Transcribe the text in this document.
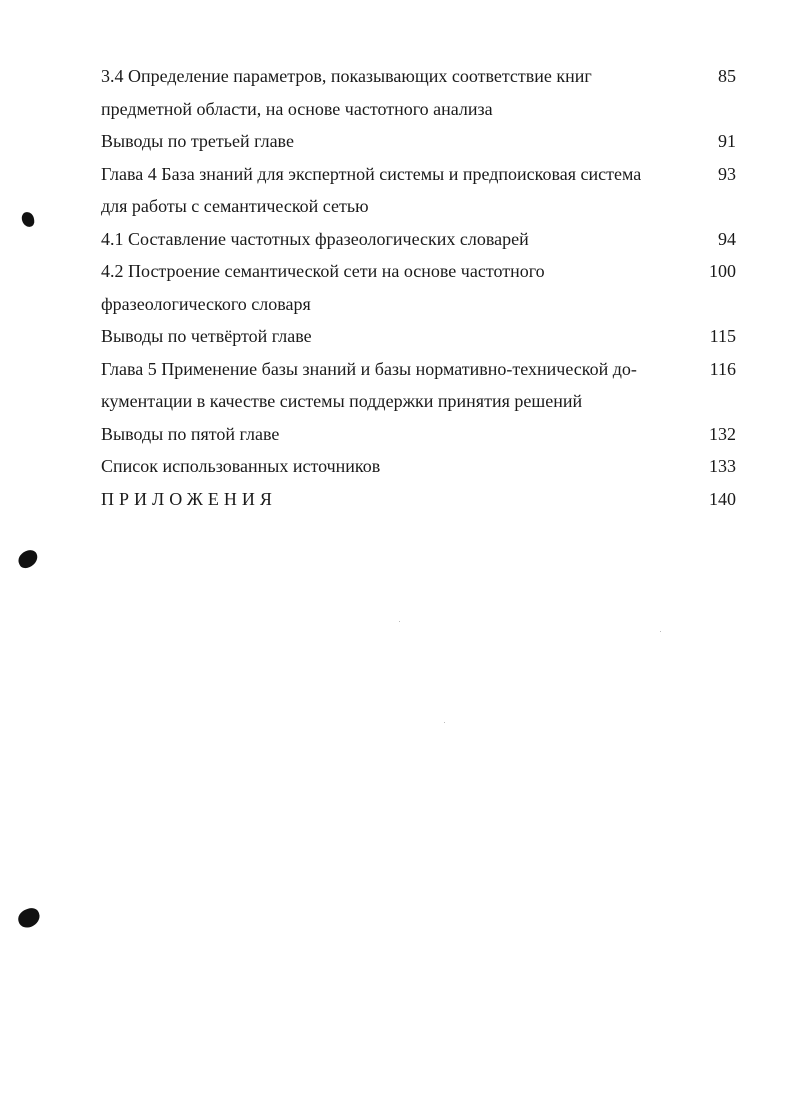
3.4 Определение параметров, показывающих соответствие книг	85
предметной области, на основе частотного анализа
Выводы по третьей главе	91
Глава 4 База знаний для экспертной системы и предпоисковая система	93
для работы с семантической сетью
4.1 Составление частотных фразеологических словарей	94
4.2 Построение семантической сети на основе частотного	100
фразеологического словаря
Выводы по четвёртой главе	115
Глава 5 Применение базы знаний и базы нормативно-технической до-	116
кументации в качестве системы поддержки принятия решений
Выводы по пятой главе	132
Список использованных источников	133
ПРИЛОЖЕНИЯ	140
